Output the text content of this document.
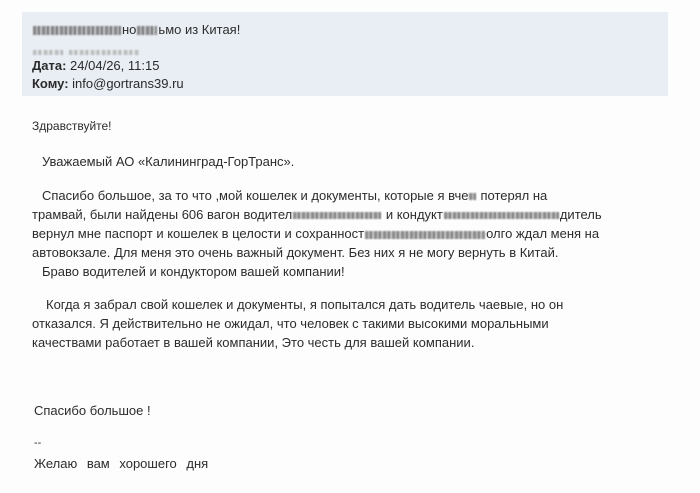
но ьмо из Китая!

Дата: 24/04/26, 11:15
Кому: info@gortrans39.ru
Здравствуйте!
Уважаемый АО «Калининград-ГорТранс».
Спасибо большое, за то что ,мой кошелек и документы, которые я вче потерял на
трамвай, были найдены 606 вагон водител	и кондукт	дитель
вернул мне паспорт и кошелек в целости и сохранност	олго ждал меня на
автовокзале. Для меня это очень важный документ. Без них я не могу вернуть в Китай.
Браво водителей и кондуктором вашей компании!
Когда я забрал свой кошелек и документы, я попытался дать водитель чаевые, но он
отказался. Я действительно не ожидал, что человек с такими высокими моральными
качествами работает в вашей компании, Это честь для вашей компании.
Спасибо большое !
--
Желаю вам хорошего дня
